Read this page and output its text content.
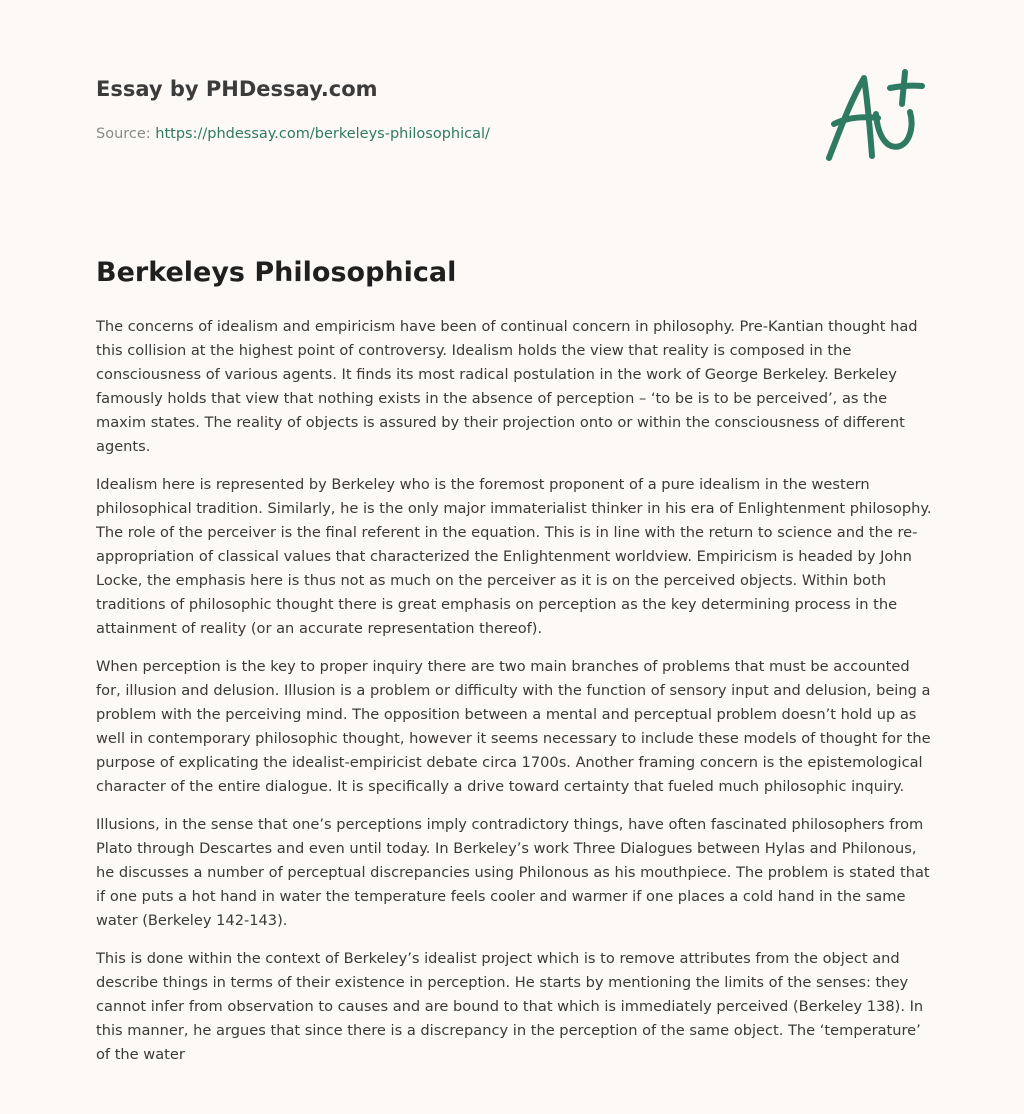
Essay by PHDessay.com
Source: https://phdessay.com/berkeleys-philosophical/
Berkeleys Philosophical

The concerns of idealism and empiricism have been of continual concern in philosophy. Pre-Kantian thought had this collision at the highest point of controversy. Idealism holds the view that reality is composed in the consciousness of various agents. It finds its most radical postulation in the work of George Berkeley. Berkeley famously holds that view that nothing exists in the absence of perception – ‘to be is to be perceived’, as the maxim states. The reality of objects is assured by their projection onto or within the consciousness of different agents.

Idealism here is represented by Berkeley who is the foremost proponent of a pure idealism in the western philosophical tradition. Similarly, he is the only major immaterialist thinker in his era of Enlightenment philosophy. The role of the perceiver is the final referent in the equation. This is in line with the return to science and the re-appropriation of classical values that characterized the Enlightenment worldview. Empiricism is headed by John Locke, the emphasis here is thus not as much on the perceiver as it is on the perceived objects. Within both traditions of philosophic thought there is great emphasis on perception as the key determining process in the attainment of reality (or an accurate representation thereof).

When perception is the key to proper inquiry there are two main branches of problems that must be accounted for, illusion and delusion. Illusion is a problem or difficulty with the function of sensory input and delusion, being a problem with the perceiving mind. The opposition between a mental and perceptual problem doesn’t hold up as well in contemporary philosophic thought, however it seems necessary to include these models of thought for the purpose of explicating the idealist-empiricist debate circa 1700s. Another framing concern is the epistemological character of the entire dialogue. It is specifically a drive toward certainty that fueled much philosophic inquiry.

Illusions, in the sense that one’s perceptions imply contradictory things, have often fascinated philosophers from Plato through Descartes and even until today. In Berkeley’s work Three Dialogues between Hylas and Philonous, he discusses a number of perceptual discrepancies using Philonous as his mouthpiece. The problem is stated that if one puts a hot hand in water the temperature feels cooler and warmer if one places a cold hand in the same water (Berkeley 142-143).

This is done within the context of Berkeley’s idealist project which is to remove attributes from the object and describe things in terms of their existence in perception. He starts by mentioning the limits of the senses: they cannot infer from observation to causes and are bound to that which is immediately perceived (Berkeley 138). In this manner, he argues that since there is a discrepancy in the perception of the same object. The ‘temperature’ of the water
